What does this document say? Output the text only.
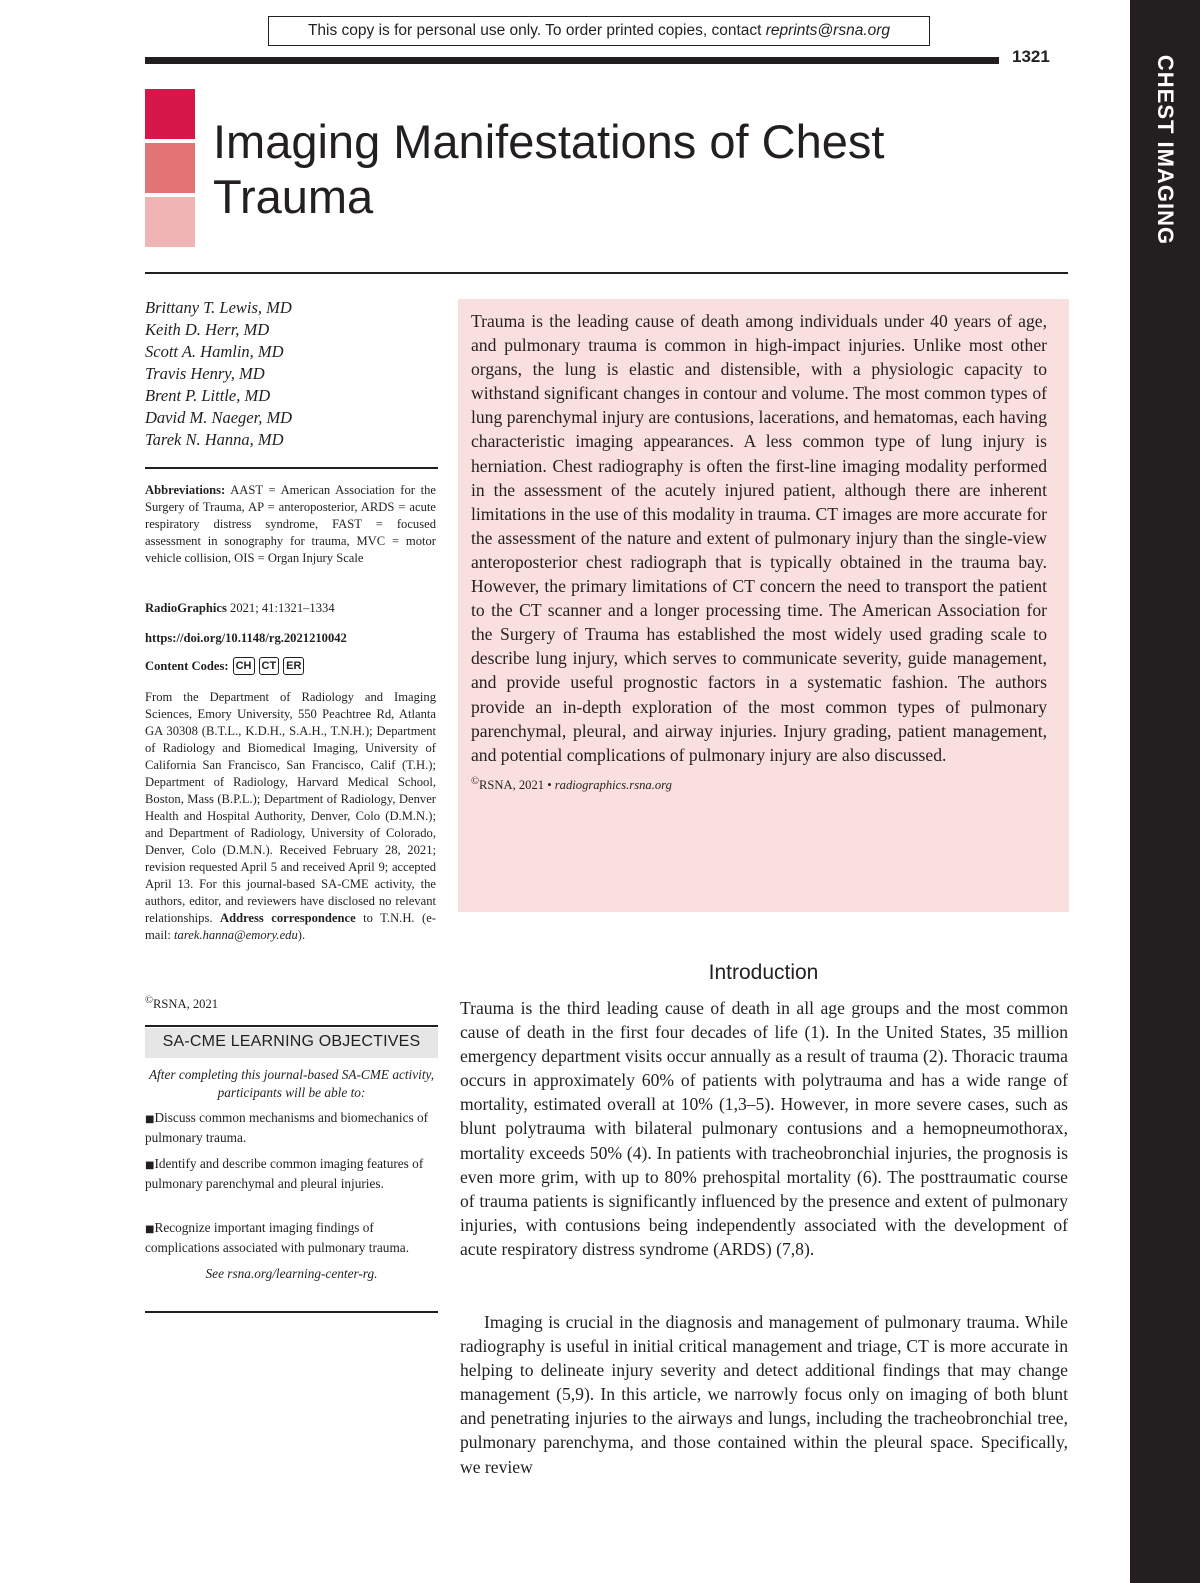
This copy is for personal use only. To order printed copies, contact reprints@rsna.org
1321	CHEST IMAGING
Imaging Manifestations of Chest
Trauma
Brittany T. Lewis, MD
Keith D. Herr, MD
Scott A. Hamlin, MD
Travis Henry, MD
Brent P. Little, MD
David M. Naeger, MD
Tarek N. Hanna, MD
Abbreviations: AAST = American Association for the Surgery of Trauma, AP = anteroposterior, ARDS = acute respiratory distress syndrome, FAST = focused assessment in sonography for trauma, MVC = motor vehicle collision, OIS = Organ Injury Scale
RadioGraphics 2021; 41:1321–1334
https://doi.org/10.1148/rg.2021210042
Content Codes: CH CT ER
From the Department of Radiology and Imaging Sciences, Emory University, 550 Peachtree Rd, Atlanta GA 30308 (B.T.L., K.D.H., S.A.H., T.N.H.); Department of Radiology and Biomedical Imaging, University of California San Francisco, San Francisco, Calif (T.H.); Department of Radiology, Harvard Medical School, Boston, Mass (B.P.L.); Department of Radiology, Denver Health and Hospital Authority, Denver, Colo (D.M.N.); and Department of Radiology, University of Colorado, Denver, Colo (D.M.N.). Received February 28, 2021; revision requested April 5 and received April 9; accepted April 13. For this journal-based SA-CME activity, the authors, editor, and reviewers have disclosed no relevant relationships. Address correspondence to T.N.H. (e-mail: tarek.hanna@emory.edu).
©RSNA, 2021
SA-CME LEARNING OBJECTIVES
After completing this journal-based SA-CME activity, participants will be able to:
■Discuss common mechanisms and biomechanics of pulmonary trauma.
■Identify and describe common imaging features of pulmonary parenchymal and pleural injuries.
■Recognize important imaging findings of complications associated with pulmonary trauma.
See rsna.org/learning-center-rg.
Trauma is the leading cause of death among individuals under 40 years of age, and pulmonary trauma is common in high-impact injuries. Unlike most other organs, the lung is elastic and distensible, with a physiologic capacity to withstand significant changes in contour and volume. The most common types of lung parenchymal injury are contusions, lacerations, and hematomas, each having characteristic imaging appearances. A less common type of lung injury is herniation. Chest radiography is often the first-line imaging modality performed in the assessment of the acutely injured patient, although there are inherent limitations in the use of this modality in trauma. CT images are more accurate for the assessment of the nature and extent of pulmonary injury than the single-view anteroposterior chest radiograph that is typically obtained in the trauma bay. However, the primary limitations of CT concern the need to transport the patient to the CT scanner and a longer processing time. The American Association for the Surgery of Trauma has established the most widely used grading scale to describe lung injury, which serves to communicate severity, guide management, and provide useful prognostic factors in a systematic fashion. The authors provide an in-depth exploration of the most common types of pulmonary parenchymal, pleural, and airway injuries. Injury grading, patient management, and potential complications of pulmonary injury are also discussed.
©RSNA, 2021 • radiographics.rsna.org
Introduction

Trauma is the third leading cause of death in all age groups and the most common cause of death in the first four decades of life (1). In the United States, 35 million emergency department visits occur annually as a result of trauma (2). Thoracic trauma occurs in approximately 60% of patients with polytrauma and has a wide range of mortality, estimated overall at 10% (1,3–5). However, in more severe cases, such as blunt polytrauma with bilateral pulmonary contusions and a hemopneumothorax, mortality exceeds 50% (4). In patients with tracheobronchial injuries, the prognosis is even more grim, with up to 80% prehospital mortality (6). The posttraumatic course of trauma patients is significantly influenced by the presence and extent of pulmonary injuries, with contusions being independently associated with the development of acute respiratory distress syndrome (ARDS) (7,8).

Imaging is crucial in the diagnosis and management of pulmonary trauma. While radiography is useful in initial critical management and triage, CT is more accurate in helping to delineate injury severity and detect additional findings that may change management (5,9). In this article, we narrowly focus only on imaging of both blunt and penetrating injuries to the airways and lungs, including the tracheobronchial tree, pulmonary parenchyma, and those contained within the pleural space. Specifically, we review
